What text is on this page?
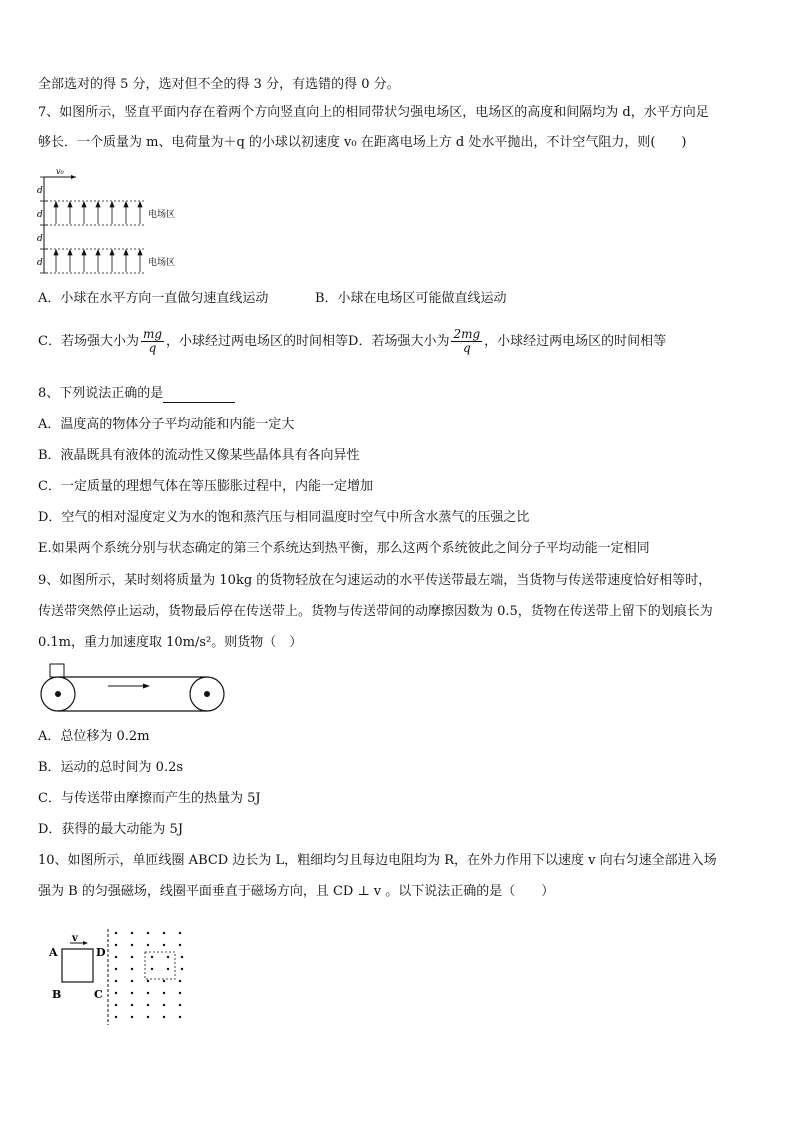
全部选对的得 5 分，选对但不全的得 3 分，有选错的得 0 分。
7、如图所示，竖直平面内存在着两个方向竖直向上的相同带状匀强电场区，电场区的高度和间隔均为 d，水平方向足
够长．一个质量为 m、电荷量为＋q 的小球以初速度 v₀ 在距离电场上方 d 处水平抛出，不计空气阻力，则(　　)
v₀
d
d
d
d
电场区
电场区
A．小球在水平方向一直做匀速直线运动	B．小球在电场区可能做直线运动
C．若场强大小为 $\frac{mg}{q}$ ，小球经过两电场区的时间相等D．若场强大小为 $\frac{2mg}{q}$ ，小球经过两电场区的时间相等
8、下列说法正确的是
A．温度高的物体分子平均动能和内能一定大
B．液晶既具有液体的流动性又像某些晶体具有各向异性
C．一定质量的理想气体在等压膨胀过程中，内能一定增加
D．空气的相对湿度定义为水的饱和蒸汽压与相同温度时空气中所含水蒸气的压强之比
E.如果两个系统分别与状态确定的第三个系统达到热平衡，那么这两个系统彼此之间分子平均动能一定相同
9、如图所示，某时刻将质量为 10kg 的货物轻放在匀速运动的水平传送带最左端，当货物与传送带速度恰好相等时，
传送带突然停止运动，货物最后停在传送带上。货物与传送带间的动摩擦因数为 0.5，货物在传送带上留下的划痕长为
0.1m，重力加速度取 10m/s²。则货物（　）
A．总位移为 0.2m
B．运动的总时间为 0.2s
C．与传送带由摩擦而产生的热量为 5J
D．获得的最大动能为 5J
10、如图所示，单匝线圈 ABCD 边长为 L，粗细均匀且每边电阻均为 R，在外力作用下以速度 v 向右匀速全部进入场
强为 B 的匀强磁场，线圈平面垂直于磁场方向，且 CD ⊥ v 。以下说法正确的是（　　）
A
B	C
D
v
